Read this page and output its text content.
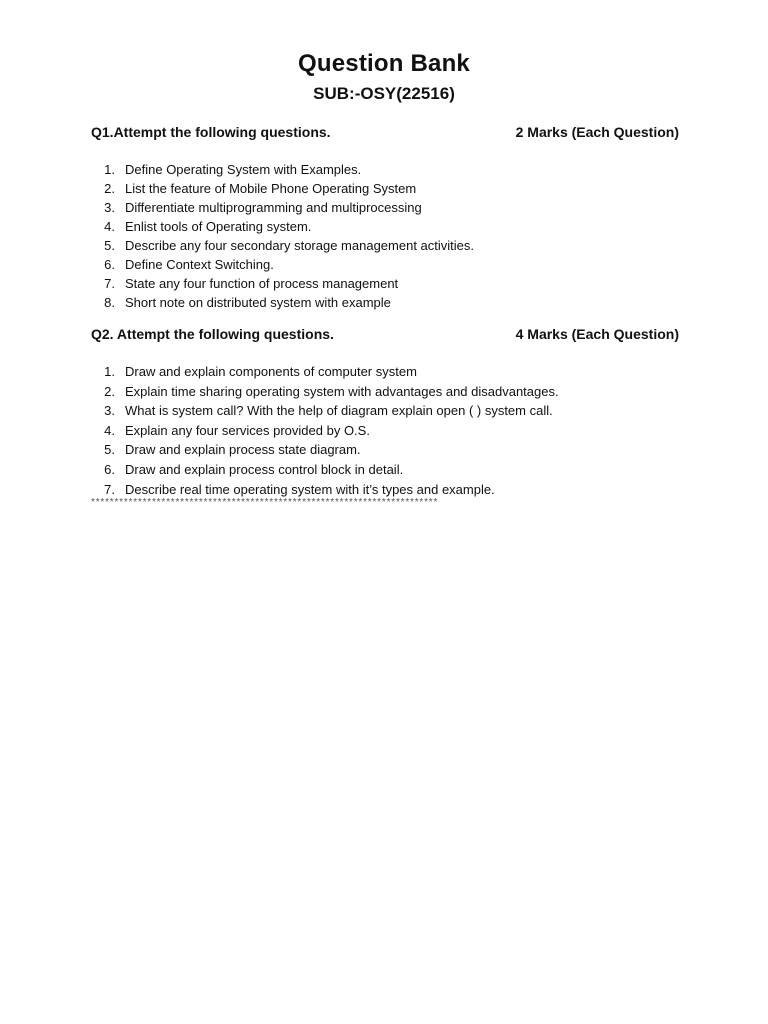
Question Bank
SUB:-OSY(22516)
Q1.Attempt the following questions.	2 Marks (Each Question)
1. Define Operating System with Examples.
2. List the feature of Mobile Phone Operating System
3. Differentiate multiprogramming and multiprocessing
4. Enlist tools of Operating system.
5. Describe any four secondary storage management activities.
6. Define Context Switching.
7. State any four function of process management
8. Short note on distributed system with example
Q2. Attempt the following questions.	4 Marks (Each Question)
1. Draw and explain components of computer system
2. Explain time sharing operating system with advantages and disadvantages.
3. What is system call? With the help of diagram explain open ( ) system call.
4. Explain any four services provided by O.S.
5. Draw and explain process state diagram.
6. Draw and explain process control block in detail.
7. Describe real time operating system with it’s types and example.
**************************************************************************
